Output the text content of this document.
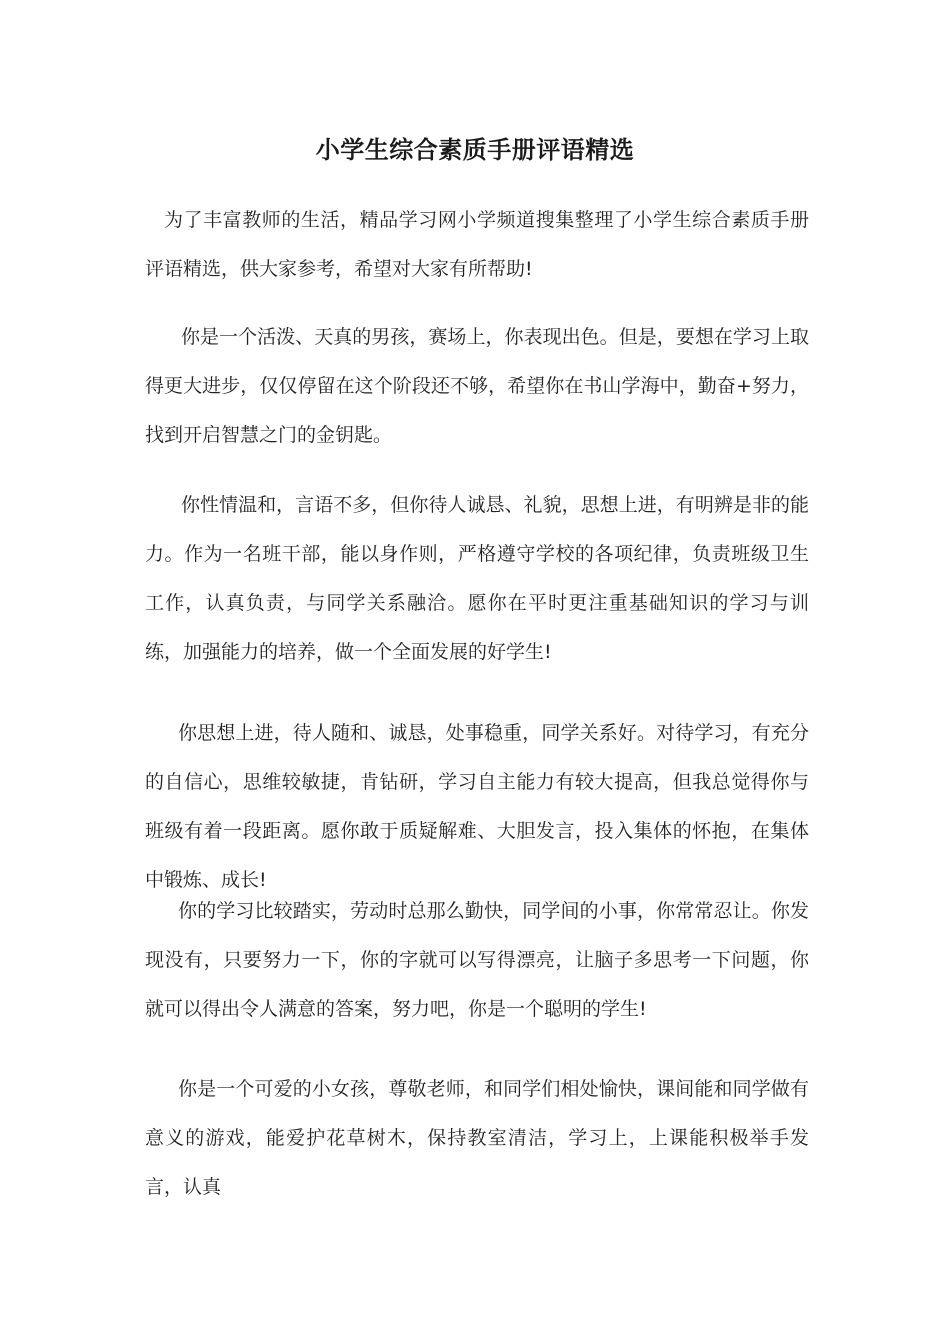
小学生综合素质手册评语精选
为了丰富教师的生活，精品学习网小学频道搜集整理了小学生综合素质手册评语精选，供大家参考，希望对大家有所帮助!
你是一个活泼、天真的男孩，赛场上，你表现出色。但是，要想在学习上取得更大进步，仅仅停留在这个阶段还不够，希望你在书山学海中，勤奋+努力，找到开启智慧之门的金钥匙。
你性情温和，言语不多，但你待人诚恳、礼貌，思想上进，有明辨是非的能力。作为一名班干部，能以身作则，严格遵守学校的各项纪律，负责班级卫生工作，认真负责，与同学关系融洽。愿你在平时更注重基础知识的学习与训练，加强能力的培养，做一个全面发展的好学生!
你思想上进，待人随和、诚恳，处事稳重，同学关系好。对待学习，有充分的自信心，思维较敏捷，肯钻研，学习自主能力有较大提高，但我总觉得你与班级有着一段距离。愿你敢于质疑解难、大胆发言，投入集体的怀抱，在集体中锻炼、成长!
你的学习比较踏实，劳动时总那么勤快，同学间的小事，你常常忍让。你发现没有，只要努力一下，你的字就可以写得漂亮，让脑子多思考一下问题，你就可以得出令人满意的答案，努力吧，你是一个聪明的学生!
你是一个可爱的小女孩，尊敬老师，和同学们相处愉快，课间能和同学做有意义的游戏，能爱护花草树木，保持教室清洁，学习上，上课能积极举手发言，认真
